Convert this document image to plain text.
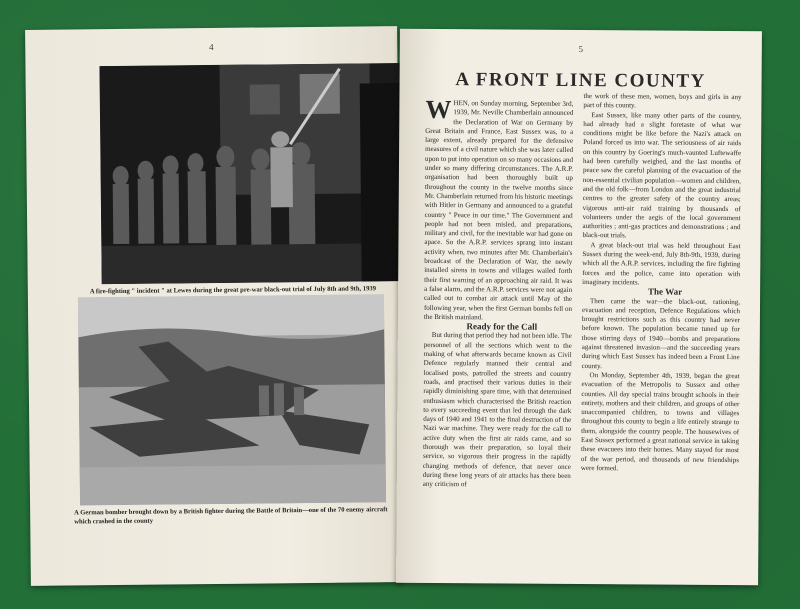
4
A fire-fighting " incident " at Lewes during the great pre-war black-out trial of July 8th and 9th, 1939
A German bomber brought down by a British fighter during the Battle of Britain—one of the 70 enemy aircraft which crashed in the county
5
A FRONT LINE COUNTY

WHEN, on Sunday morning, September 3rd, 1939, Mr. Neville Chamberlain announced the Declaration of War on Germany by Great Britain and France, East Sussex was, to a large extent, already prepared for the defensive measures of a civil nature which she was later called upon to put into operation on so many occasions and under so many differing circumstances. The A.R.P. organisation had been thoroughly built up throughout the county in the twelve months since Mr. Chamberlain returned from his historic meetings with Hitler in Germany and announced to a grateful country " Peace in our time." The Government and people had not been misled, and preparations, military and civil, for the inevitable war had gone on apace. So the A.R.P. services sprang into instant activity when, two minutes after Mr. Chamberlain's broadcast of the Declaration of War, the newly installed sirens in towns and villages wailed forth their first warning of an approaching air raid. It was a false alarm, and the A.R.P. services were not again called out to combat air attack until May of the following year, when the first German bombs fell on the British mainland.

Ready for the Call

But during that period they had not been idle. The personnel of all the sections which went to the making of what afterwards became known as Civil Defence regularly manned their central and localised posts, patrolled the streets and country roads, and practised their various duties in their rapidly diminishing spare time, with that determined enthusiasm which characterised the British reaction to every succeeding event that led through the dark days of 1940 and 1941 to the final destruction of the Nazi war machine. They were ready for the call to active duty when the first air raids came, and so thorough was their preparation, so loyal their service, so vigorous their progress in the rapidly changing methods of defence, that never once during these long years of air attacks has there been any criticism of

the work of these men, women, boys and girls in any part of this county.

East Sussex, like many other parts of the country, had already had a slight foretaste of what war conditions might be like before the Nazi's attack on Poland forced us into war. The seriousness of air raids on this country by Goering's much-vaunted Luftewaffe had been carefully weighed, and the last months of peace saw the careful planning of the evacuation of the non-essential civilian population—women and children, and the old folk—from London and the great industrial centres to the greater safety of the country areas; vigorous anti-air raid training by thousands of volunteers under the aegis of the local government authorities ; anti-gas practices and demonstrations ; and black-out trials.

A great black-out trial was held throughout East Sussex during the week-end, July 8th-9th, 1939, during which all the A.R.P. services, including the fire fighting forces and the police, came into operation with imaginary incidents.

The War

Then came the war—the black-out, rationing, evacuation and reception, Defence Regulations which brought restrictions such as this country had never before known. The population became tuned up for those stirring days of 1940—bombs and preparations against threatened invasion—and the succeeding years during which East Sussex has indeed been a Front Line county.

On Monday, September 4th, 1939, began the great evacuation of the Metropolis to Sussex and other counties. All day special trains brought schools in their entirety, mothers and their children, and groups of other unaccompanied children, to towns and villages throughout this county to begin a life entirely strange to them, alongside the country people. The housewives of East Sussex performed a great national service in taking these evacuees into their homes. Many stayed for most of the war period, and thousands of new friendships were formed.
